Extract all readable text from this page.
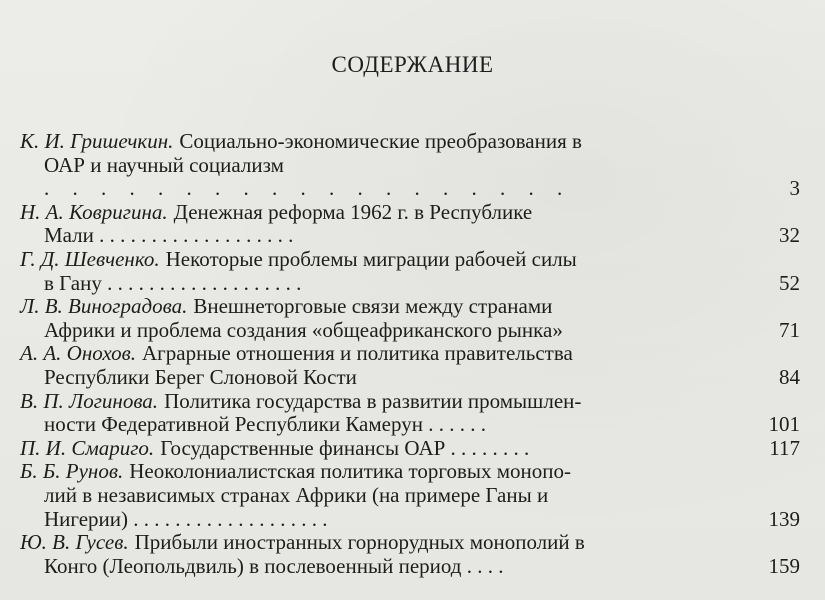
СОДЕРЖАНИЕ
К. И. Гришечкин. Социально-экономические преобразования в
ОАР и научный социализм
. . . . . . . . . . . . . . . . . . .	3
Н. А. Ковригина. Денежная реформа 1962 г. в Республике
Мали . . . . . . . . . . . . . . . . . . .	32
Г. Д. Шевченко. Некоторые проблемы миграции рабочей силы
в Гану . . . . . . . . . . . . . . . . . . .	52
Л. В. Виноградова. Внешнеторговые связи между странами
Африки и проблема создания «общеафриканского рынка»	71
А. А. Онохов. Аграрные отношения и политика правительства
Республики Берег Слоновой Кости	84
В. П. Логинова. Политика государства в развитии промышлен-
ности Федеративной Республики Камерун . . . . . .	101
П. И. Смариго. Государственные финансы ОАР . . . . . . . .	117
Б. Б. Рунов. Неоколониалистская политика торговых монопо-
лий в независимых странах Африки (на примере Ганы и
Нигерии) . . . . . . . . . . . . . . . . . . .	139
Ю. В. Гусев. Прибыли иностранных горнорудных монополий в
Конго (Леопольдвиль) в послевоенный период . . . .	159
